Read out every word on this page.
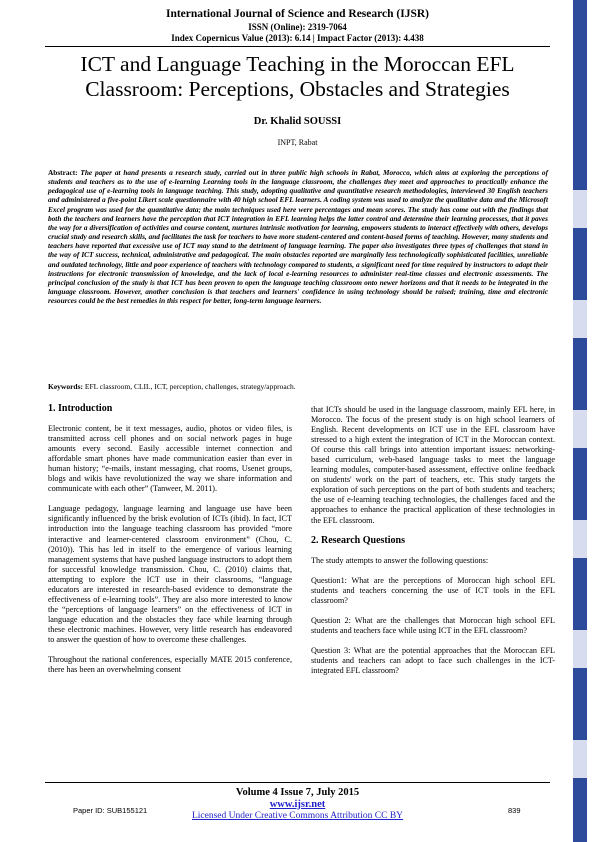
International Journal of Science and Research (IJSR)
ISSN (Online): 2319-7064
Index Copernicus Value (2013): 6.14 | Impact Factor (2013): 4.438
ICT and Language Teaching in the Moroccan EFL Classroom: Perceptions, Obstacles and Strategies
Dr. Khalid SOUSSI
INPT, Rabat
Abstract: The paper at hand presents a research study, carried out in three public high schools in Rabat, Morocco, which aims at exploring the perceptions of students and teachers as to the use of e-learning Learning tools in the language classroom, the challenges they meet and approaches to practically enhance the pedagogical use of e-learning tools in language teaching. This study, adopting qualitative and quantitative research methodologies, interviewed 30 English teachers and administered a five-point Likert scale questionnaire with 40 high school EFL learners. A coding system was used to analyze the qualitative data and the Microsoft Excel program was used for the quantitative data; the main techniques used here were percentages and mean scores. The study has come out with the findings that both the teachers and learners have the perception that ICT integration in EFL learning helps the latter control and determine their learning processes, that it paves the way for a diversification of activities and course content, nurtures intrinsic motivation for learning, empowers students to interact effectively with others, develops crucial study and research skills, and facilitates the task for teachers to have more student-centered and content-based forms of teaching. However, many students and teachers have reported that excessive use of ICT may stand to the detriment of language learning. The paper also investigates three types of challenges that stand in the way of ICT success, technical, administrative and pedagogical. The main obstacles reported are marginally less technologically sophisticated facilities, unreliable and outdated technology, little and poor experience of teachers with technology compared to students, a significant need for time required by instructors to adapt their instructions for electronic transmission of knowledge, and the lack of local e-learning resources to administer real-time classes and electronic assessments. The principal conclusion of the study is that ICT has been proven to open the language teaching classroom onto newer horizons and that it needs to be integrated in the language classroom. However, another conclusion is that teachers and learners' confidence in using technology should be raised; training, time and electronic resources could be the best remedies in this respect for better, long-term language learners.
Keywords: EFL classroom, CLIL, ICT, perception, challenges, strategy/approach.
1. Introduction

Electronic content, be it text messages, audio, photos or video files, is transmitted across cell phones and on social network pages in huge amounts every second. Easily accessible internet connection and affordable smart phones have made communication easier than ever in human history; “e-mails, instant messaging, chat rooms, Usenet groups, blogs and wikis have revolutionized the way we share information and communicate with each other” (Tanweer, M. 2011).

Language pedagogy, language learning and language use have been significantly influenced by the brisk evolution of ICTs (ibid). In fact, ICT introduction into the language teaching classroom has provided “more interactive and learner-centered classroom environment” (Chou, C. (2010)). This has led in itself to the emergence of various learning management systems that have pushed language instructors to adopt them for successful knowledge transmission. Chou, C. (2010) claims that, attempting to explore the ICT use in their classrooms, “language educators are interested in research-based evidence to demonstrate the effectiveness of e-learning tools”. They are also more interested to know the “perceptions of language learners” on the effectiveness of ICT in language education and the obstacles they face while learning through these electronic machines. However, very little research has endeavored to answer the question of how to overcome these challenges.

Throughout the national conferences, especially MATE 2015 conference, there has been an overwhelming consent

that ICTs should be used in the language classroom, mainly EFL here, in Morocco. The focus of the present study is on high school learners of English. Recent developments on ICT use in the EFL classroom have stressed to a high extent the integration of ICT in the Moroccan context. Of course this call brings into attention important issues: networking-based curriculum, web-based language tasks to meet the language learning modules, computer-based assessment, effective online feedback on students' work on the part of teachers, etc. This study targets the exploration of such perceptions on the part of both students and teachers; the use of e-learning teaching technologies, the challenges faced and the approaches to enhance the practical application of these technologies in the EFL classroom.

2. Research Questions

The study attempts to answer the following questions:

Question1: What are the perceptions of Moroccan high school EFL students and teachers concerning the use of ICT tools in the EFL classroom?

Question 2: What are the challenges that Moroccan high school EFL students and teachers face while using ICT in the EFL classroom?

Question 3: What are the potential approaches that the Moroccan EFL students and teachers can adopt to face such challenges in the ICT-integrated EFL classroom?

Volume 4 Issue 7, July 2015
www.ijsr.net
Licensed Under Creative Commons Attribution CC BY
Paper ID: SUB155121	839
